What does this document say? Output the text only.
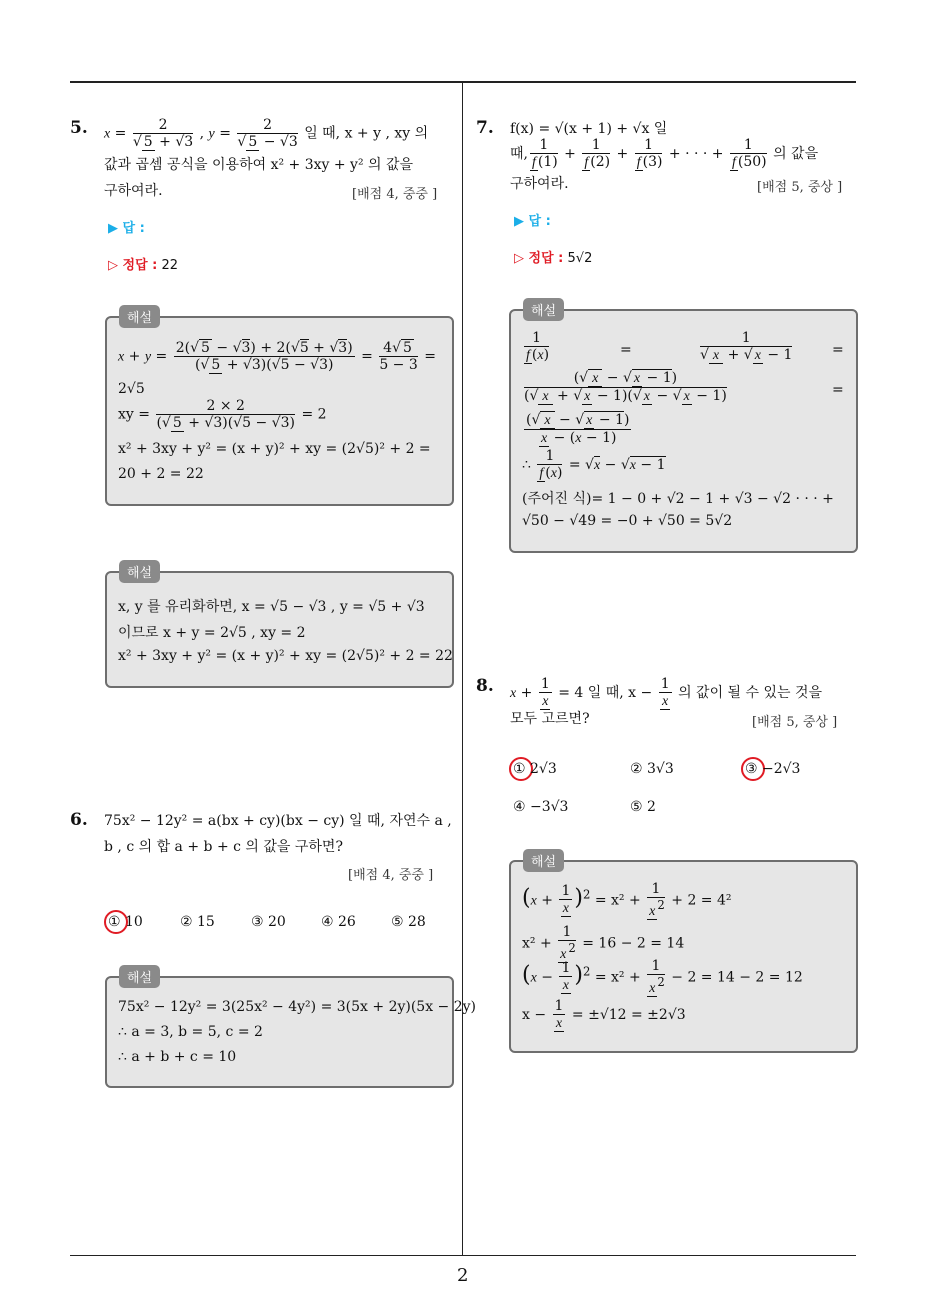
5. $x = \frac{2}{√ 5 + √3}$ , $y = \frac{2}{√ 5 - √3}$ 일 때, x + y , xy 의
값과 곱셈 공식을 이용하여 x² + 3xy + y² 의 값을
구하여라.	[배점 4, 중중 ]
▶ 답 :
▷ 정답 : 22
해설
$x + y = \frac{2(√ 5 - √3) + 2(√5 + √3)}{(√ 5 + √3)(√5 - √3)} = \frac{4√ 5}{5 - 3}$ =
2√5
xy = $\frac{2 \times 2}{(√ 5 + √3)(√5 - √3)} = 2$
x² + 3xy + y² = (x + y)² + xy = (2√5)² + 2 =
20 + 2 = 22
해설
x, y 를 유리화하면, x = √5 − √3 , y = √5 + √3
이므로 x + y = 2√5 , xy = 2
x² + 3xy + y² = (x + y)² + xy = (2√5)² + 2 = 22
6. 75x² − 12y² = a(bx + cy)(bx − cy) 일 때, 자연수 a ,
b , c 의 합 a + b + c 의 값을 구하면?
[배점 4, 중중 ]
① 10	② 15	③ 20	④ 26	⑤ 28
해설
75x² − 12y² = 3(25x² − 4y²) = 3(5x + 2y)(5x − 2y)
∴ a = 3, b = 5, c = 2
∴ a + b + c = 10
7. f(x) = √(x + 1) + √x 일
때, $\frac{1}{f (1)} + \frac{1}{f (2)} + \frac{1}{f (3)}$ + · · · + $\frac{1}{f (50)}$ 의 값을
구하여라.	[배점 5, 중상 ]
▶ 답 :
▷ 정답 : 5√2
해설
$\frac{1}{f (x)}$	=	$\frac{1}{√ x + √ x - 1}$	=
$\frac{(√ x - √ x - 1)}{(√ x + √ x - 1)(√ x - √ x - 1)}$	=
$\frac{(√ x - √ x - 1)}{x - (x - 1)}$
∴ $\frac{1}{f (x)} = √x - √x - 1$
(주어진 식)= 1 − 0 + √2 − 1 + √3 − √2 · · · +
√50 − √49 = −0 + √50 = 5√2
8. $x + \frac{1}{x} = 4$ 일 때, $x - \frac{1}{x}$ 의 값이 될 수 있는 것을
모두 고르면?	[배점 5, 중상 ]
① 2√3	② 3√3	③ −2√3
④ −3√3	⑤ 2
해설
$(x + \frac{1}{x} )^2 = x^2 + \frac{1}{x ^2} + 2 = 4^2$
$x^2 + \frac{1}{x ^2} = 16 - 2 = 14$
$(x - \frac{1}{x} )^2 = x^2 + \frac{1}{x ^2} - 2 = 14 - 2 = 12$
$x - \frac{1}{x} = \pm√12 = \pm 2√3$
2
